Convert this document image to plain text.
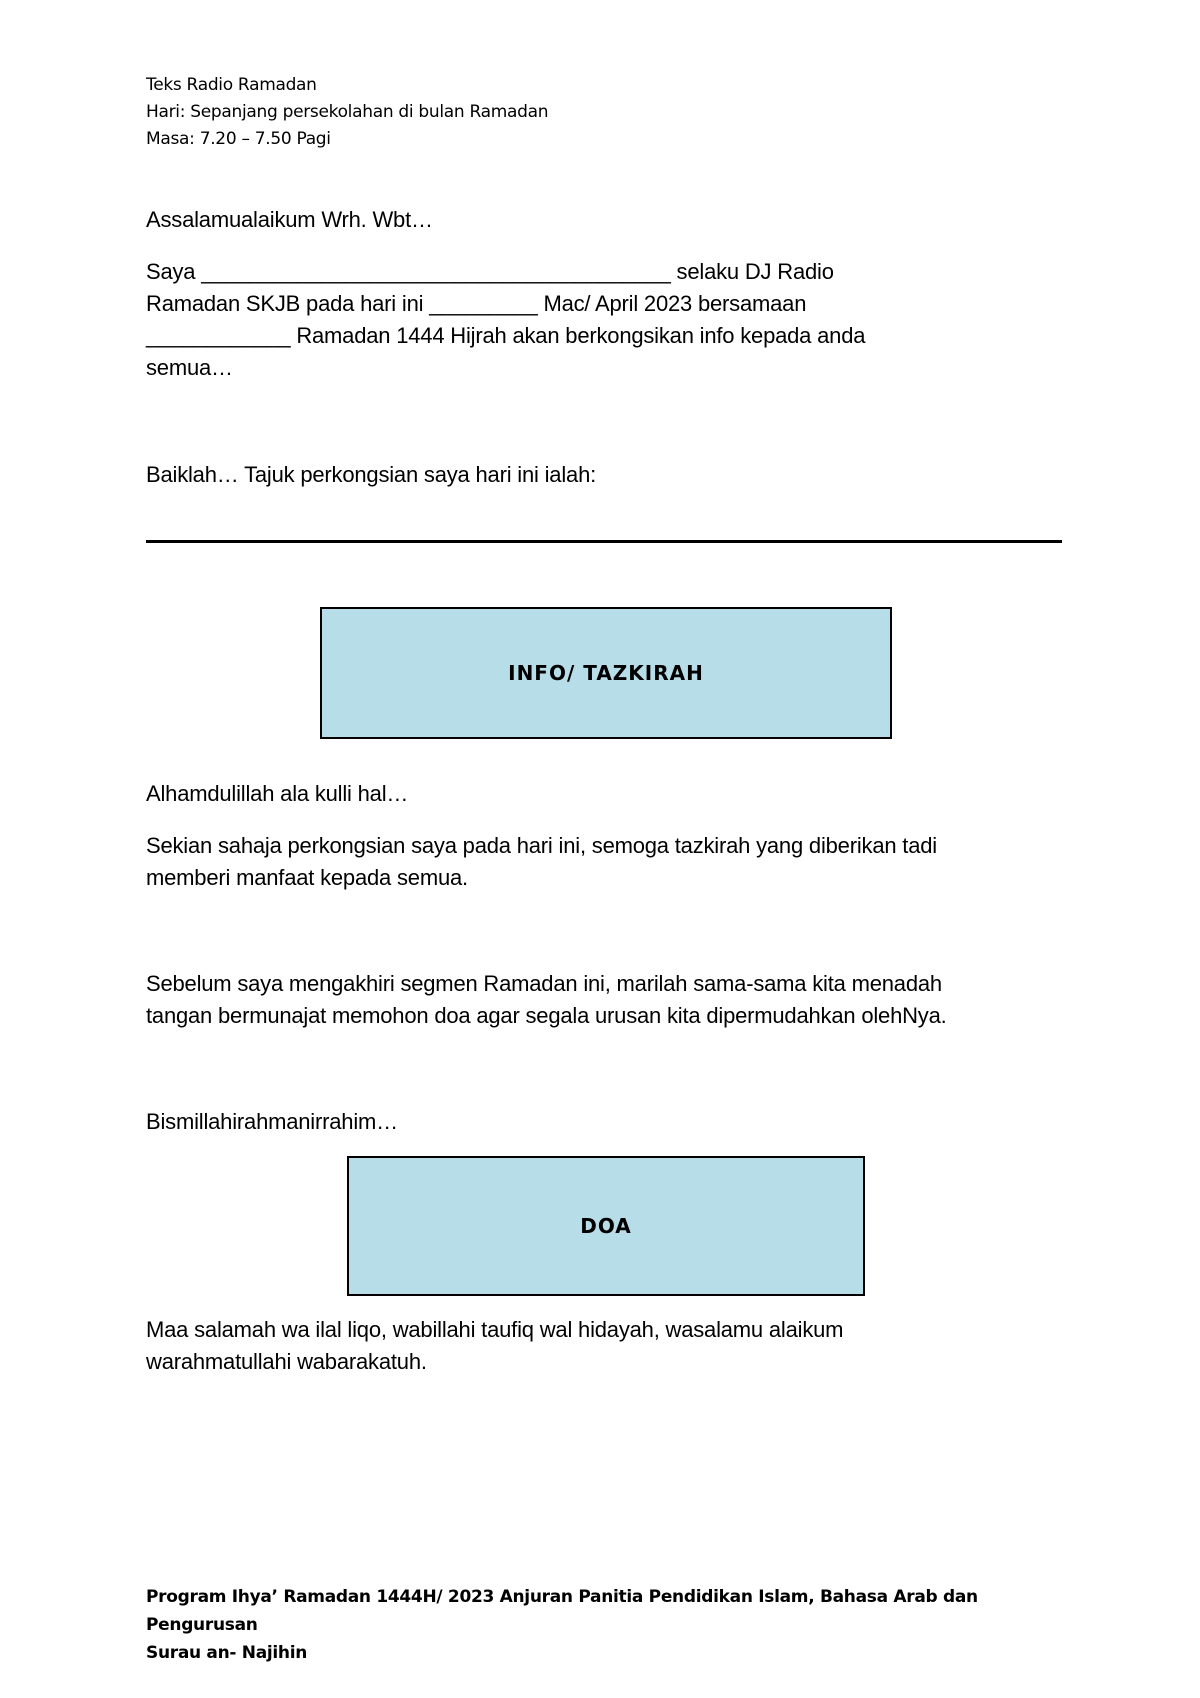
Teks Radio Ramadan
Hari: Sepanjang persekolahan di bulan Ramadan
Masa: 7.20 – 7.50 Pagi
Assalamualaikum Wrh. Wbt…
Saya _______________________________________ selaku DJ Radio
Ramadan SKJB pada hari ini _________ Mac/ April 2023 bersamaan
____________ Ramadan 1444 Hijrah akan berkongsikan info kepada anda
semua…
Baiklah… Tajuk perkongsian saya hari ini ialah:
INFO/ TAZKIRAH
Alhamdulillah ala kulli hal…
Sekian sahaja perkongsian saya pada hari ini, semoga tazkirah yang diberikan tadi
memberi manfaat kepada semua.
Sebelum saya mengakhiri segmen Ramadan ini, marilah sama-sama kita menadah
tangan bermunajat memohon doa agar segala urusan kita dipermudahkan olehNya.
Bismillahirahmanirrahim…
DOA
Maa salamah wa ilal liqo, wabillahi taufiq wal hidayah, wasalamu alaikum
warahmatullahi wabarakatuh.
Program Ihya’ Ramadan 1444H/ 2023 Anjuran Panitia Pendidikan Islam, Bahasa Arab dan Pengurusan
Surau an- Najihin
